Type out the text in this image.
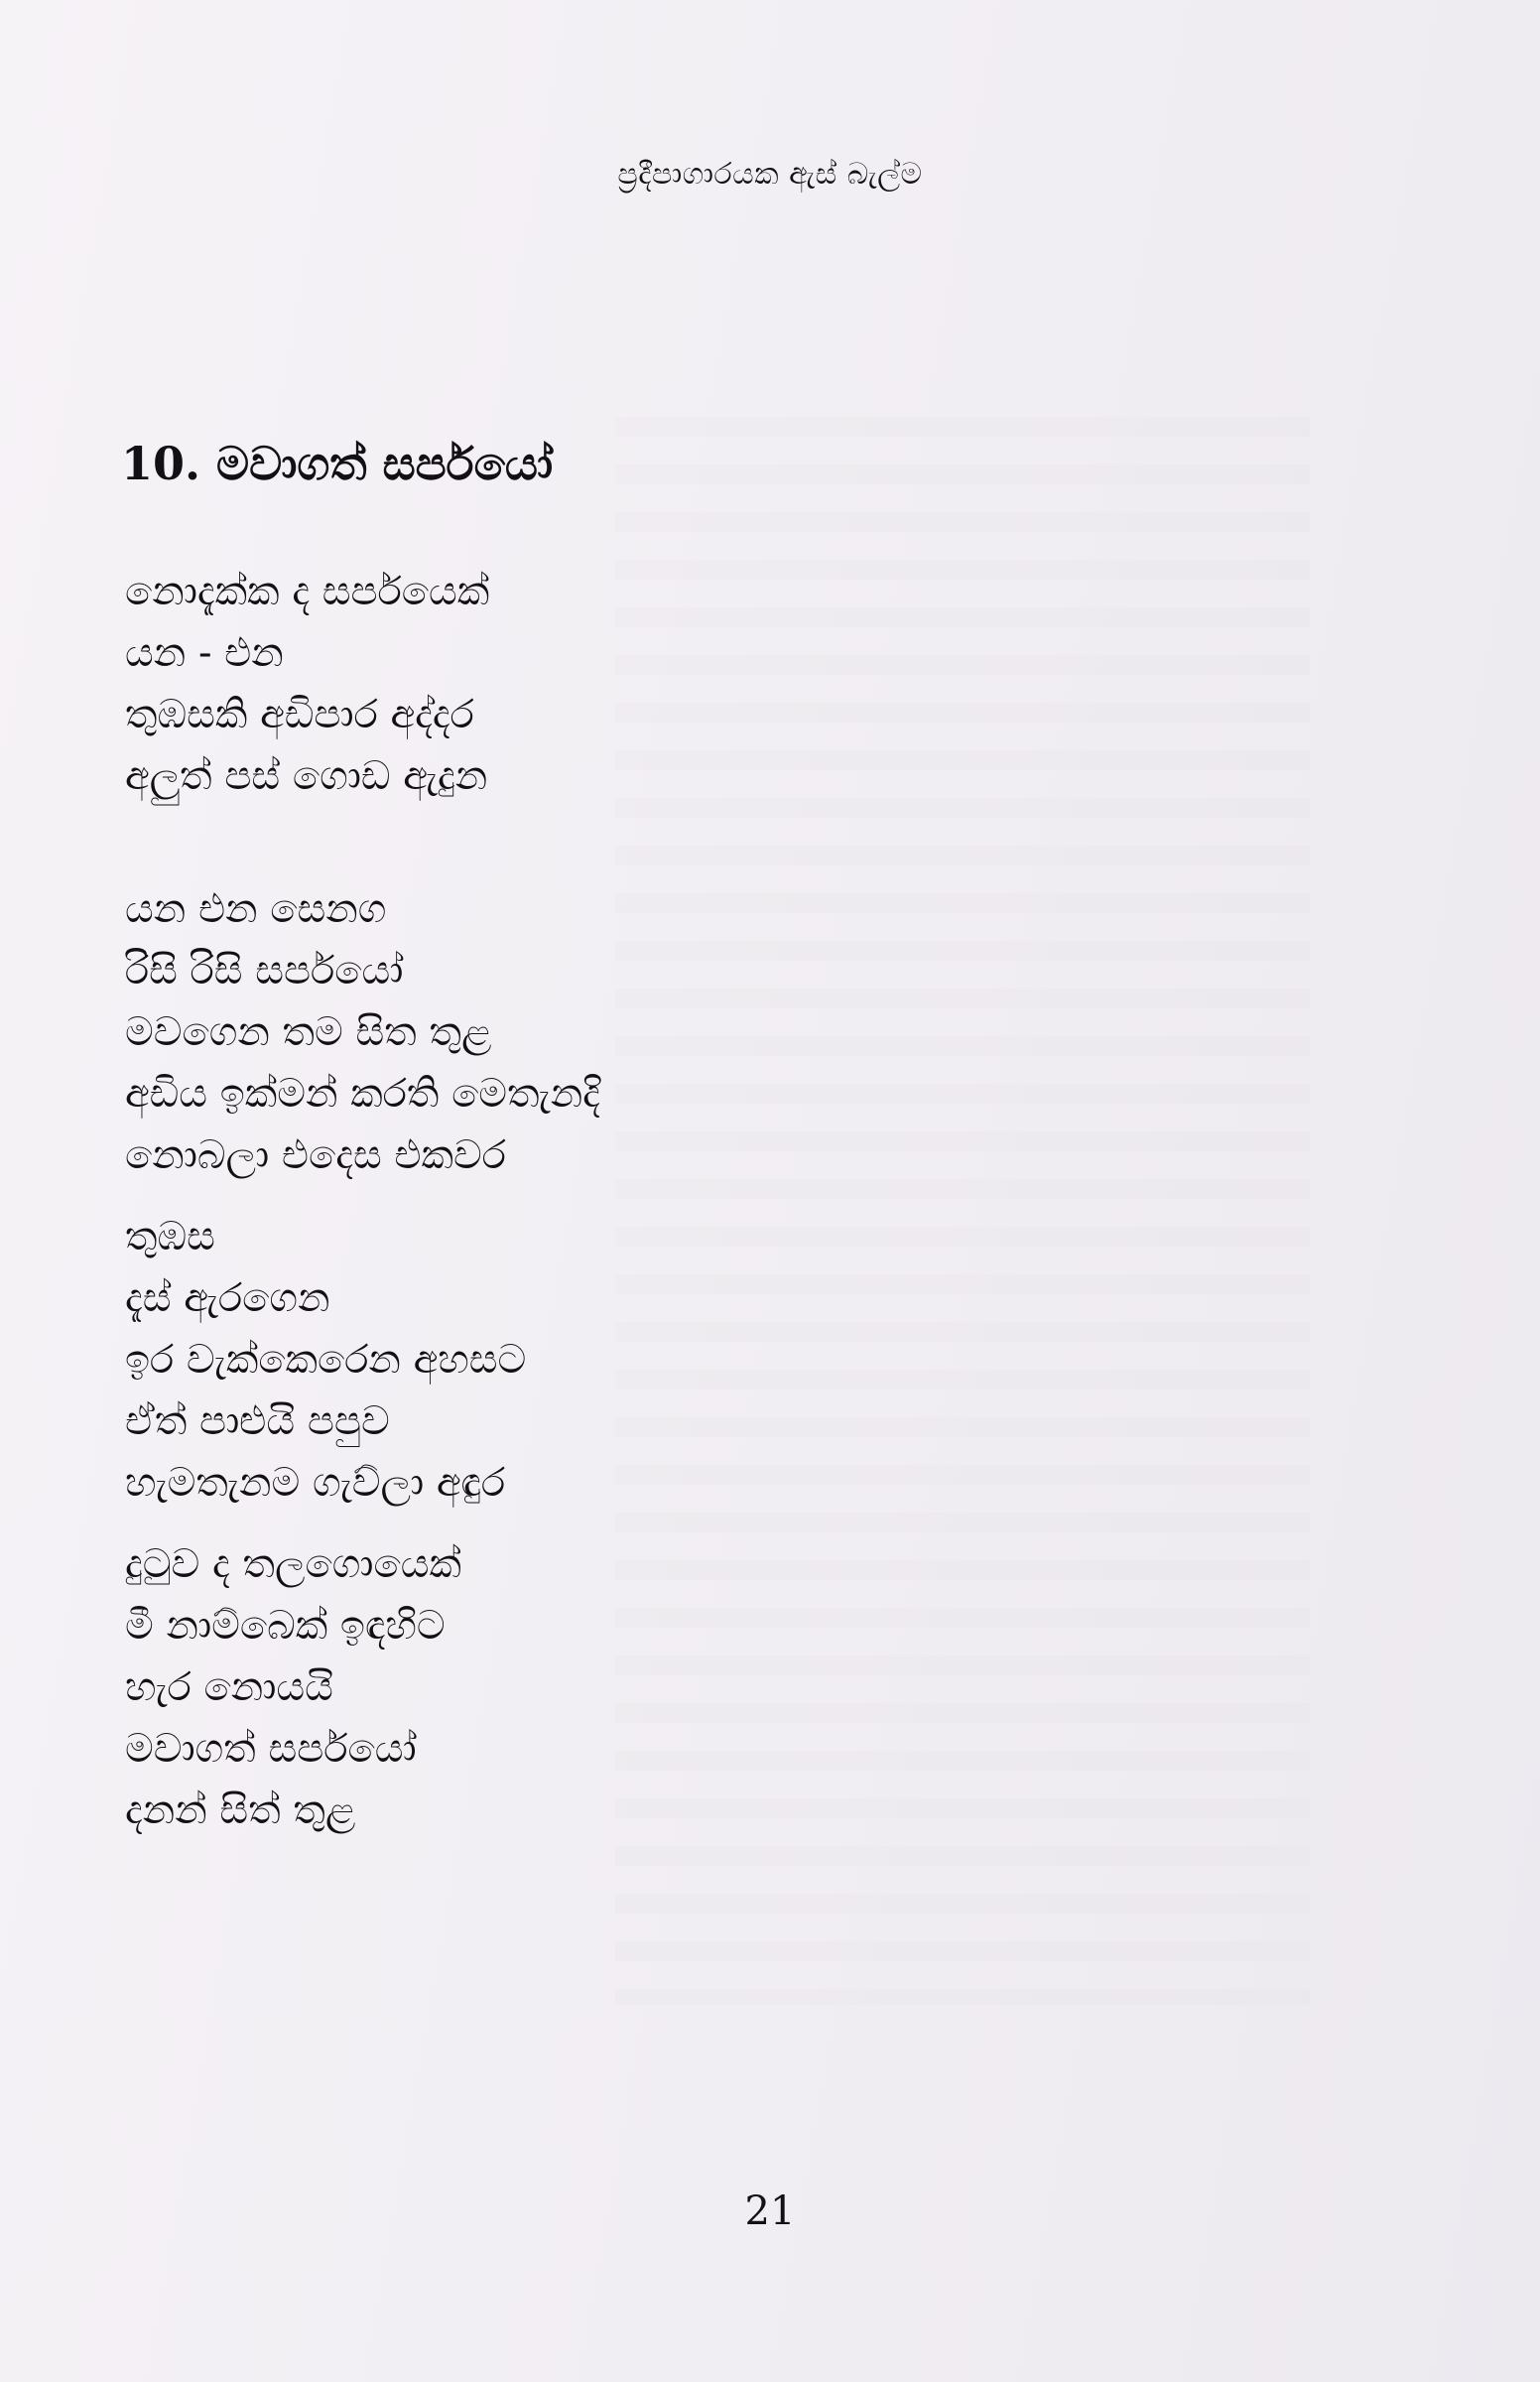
ප්‍රදීපාගාරයක ඇස් බැල්ම
10. මවාගත් සර්පයෝ
නොදැක්ක ද සර්පයෙක්
යන - එන
තුඹසකි අඩිපාර අද්දර
අලුත් පස් ගොඩ ඇදුන
යන එන සෙනග
රිසි රිසි සර්පයෝ
මවගෙන තම සිත තුළ
අඩිය ඉක්මන් කරති මෙතැනදි
නොබලා එදෙස එකවර
තුඹස
දැස් ඇරගෙන
ඉර වැක්කෙරෙන අහසට
ඒත් පාළුයි පපුව
හැමතැනම ගැව්ලා අඳුර
දුටුව ද තලගොයෙක්
මී නාම්බෙක් ඉඳහිට
හැර නොයයි
මවාගත් සර්පයෝ
දනන් සිත් තුළ
21
